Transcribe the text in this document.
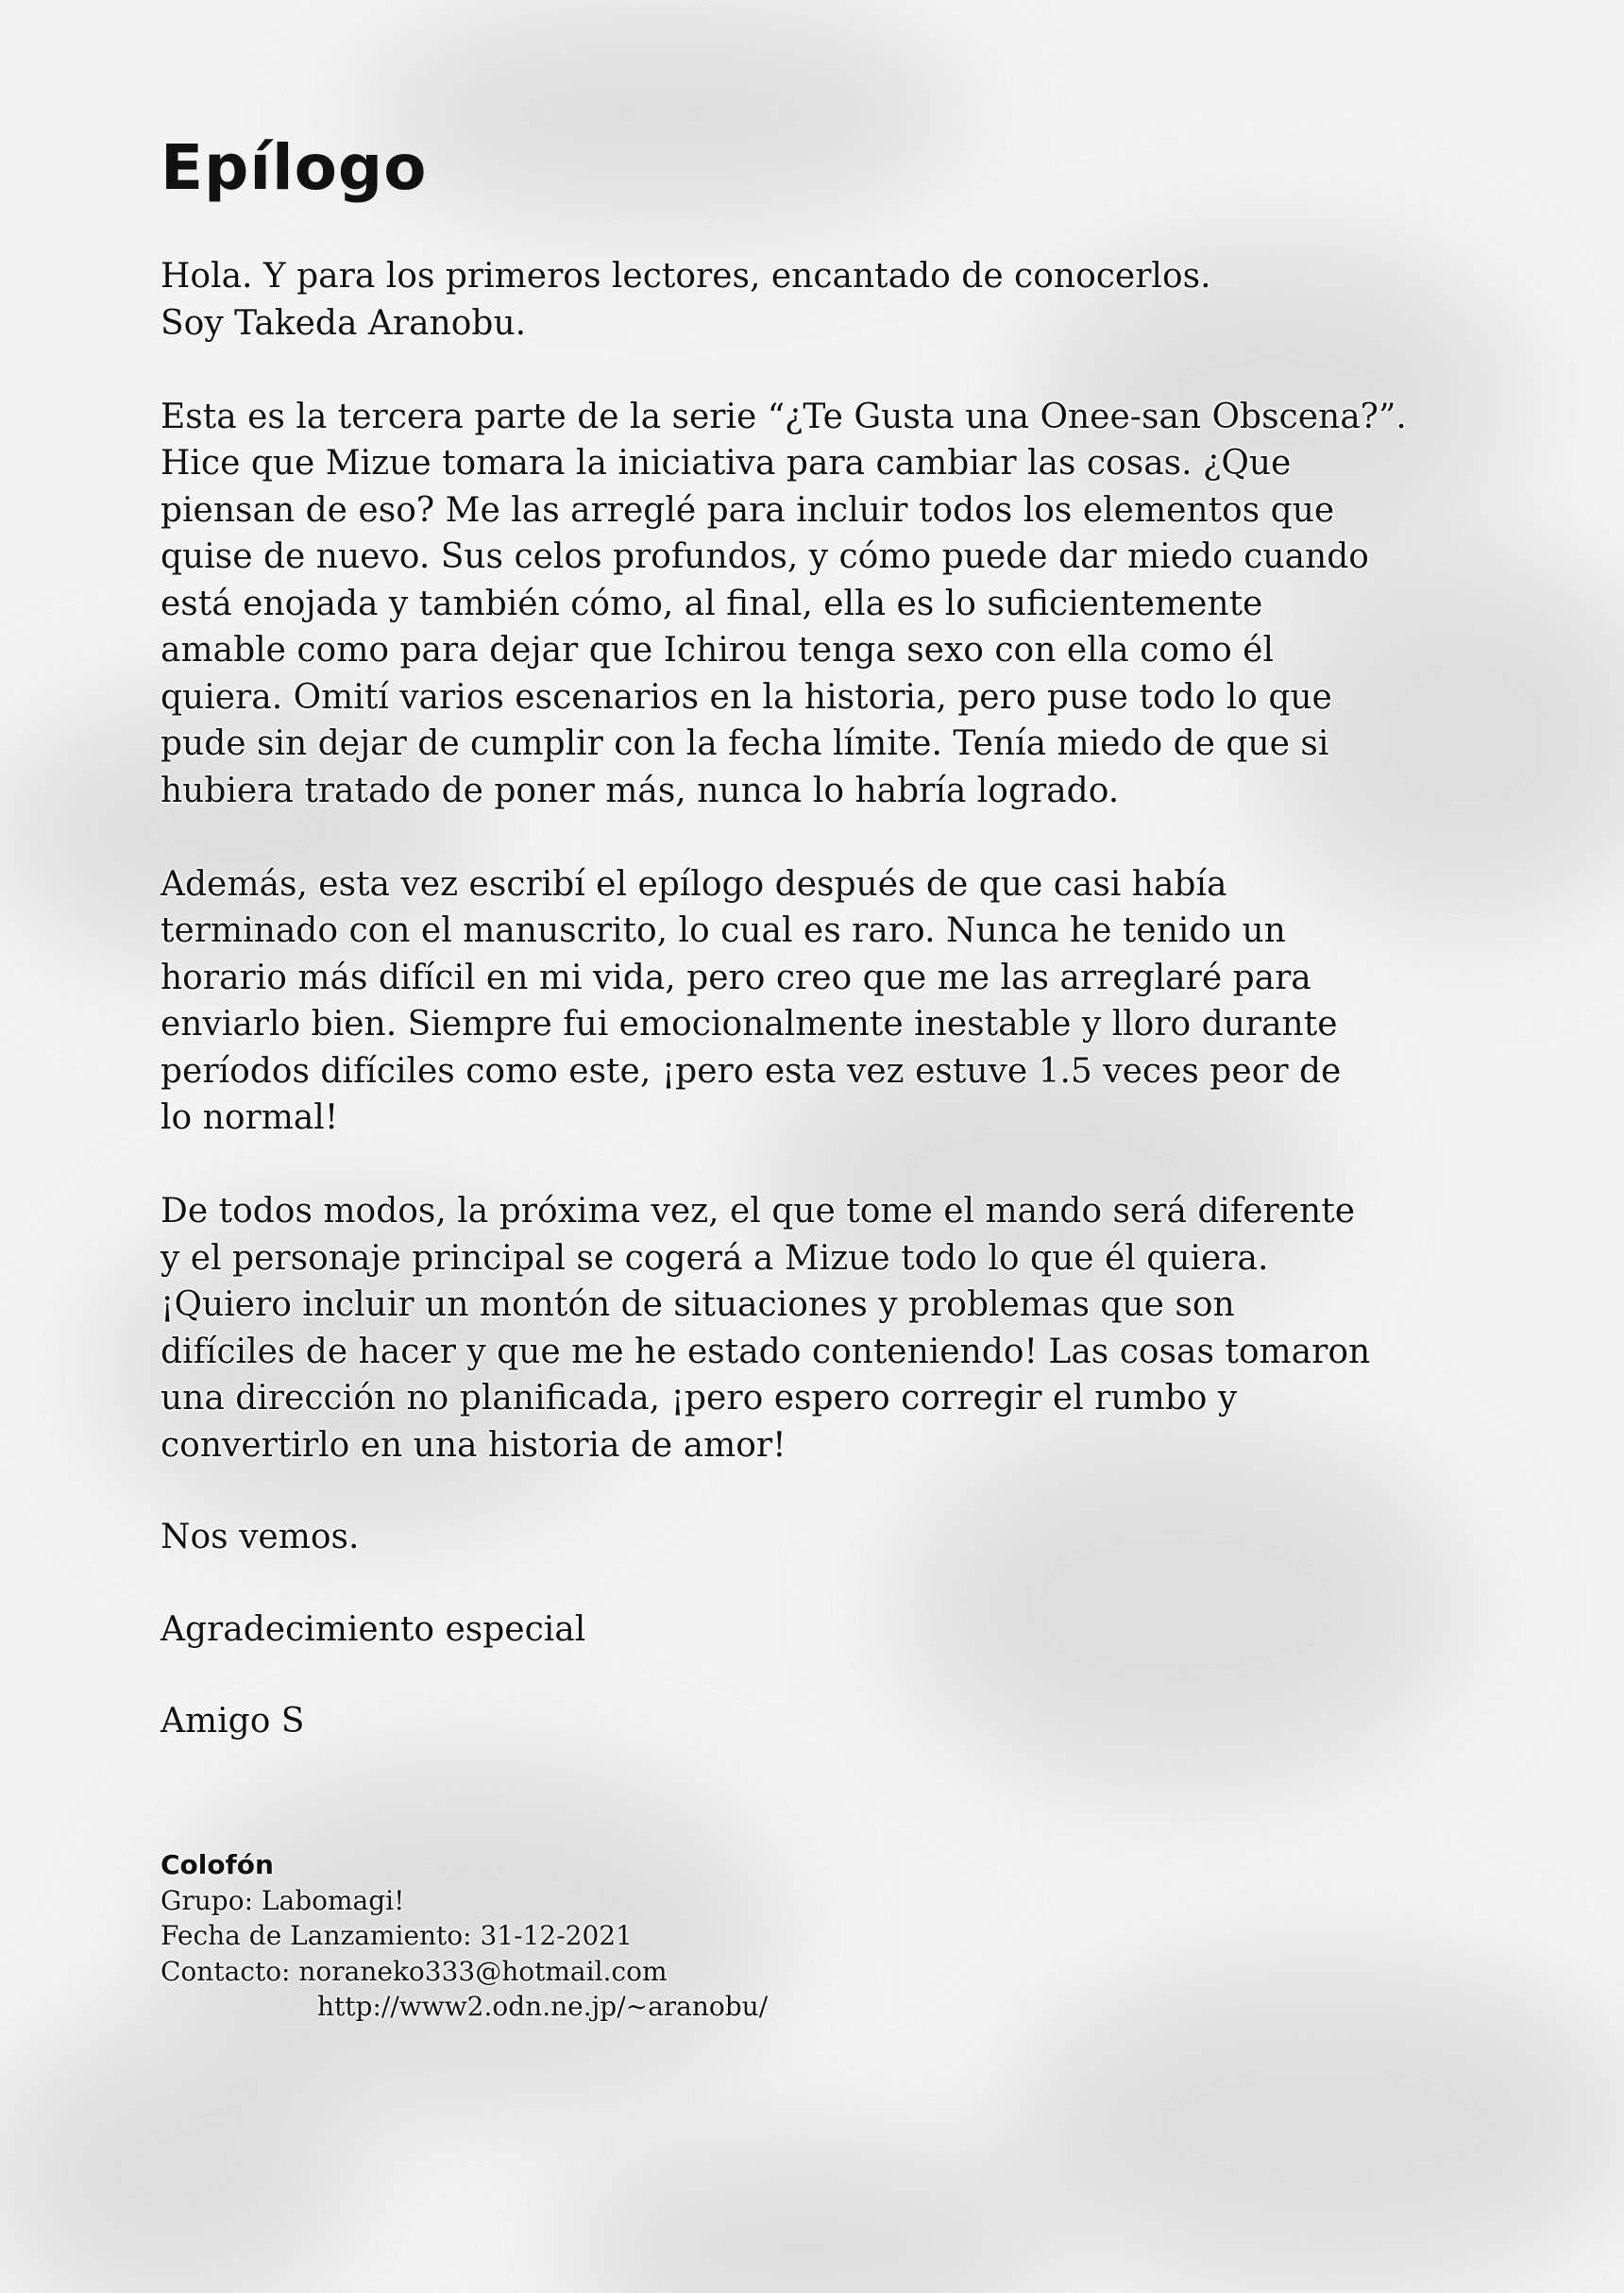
Epílogo

Hola. Y para los primeros lectores, encantado de conocerlos.
Soy Takeda Aranobu.

Esta es la tercera parte de la serie “¿Te Gusta una Onee-san Obscena?”.
Hice que Mizue tomara la iniciativa para cambiar las cosas. ¿Que
piensan de eso? Me las arreglé para incluir todos los elementos que
quise de nuevo. Sus celos profundos, y cómo puede dar miedo cuando
está enojada y también cómo, al final, ella es lo suficientemente
amable como para dejar que Ichirou tenga sexo con ella como él
quiera. Omití varios escenarios en la historia, pero puse todo lo que
pude sin dejar de cumplir con la fecha límite. Tenía miedo de que si
hubiera tratado de poner más, nunca lo habría logrado.

Además, esta vez escribí el epílogo después de que casi había
terminado con el manuscrito, lo cual es raro. Nunca he tenido un
horario más difícil en mi vida, pero creo que me las arreglaré para
enviarlo bien. Siempre fui emocionalmente inestable y lloro durante
períodos difíciles como este, ¡pero esta vez estuve 1.5 veces peor de
lo normal!

De todos modos, la próxima vez, el que tome el mando será diferente
y el personaje principal se cogerá a Mizue todo lo que él quiera.
¡Quiero incluir un montón de situaciones y problemas que son
difíciles de hacer y que me he estado conteniendo! Las cosas tomaron
una dirección no planificada, ¡pero espero corregir el rumbo y
convertirlo en una historia de amor!

Nos vemos.

Agradecimiento especial

Amigo S

Colofón
Grupo: Labomagi!
Fecha de Lanzamiento: 31-12-2021
Contacto: noraneko333@hotmail.com
http://www2.odn.ne.jp/~aranobu/
